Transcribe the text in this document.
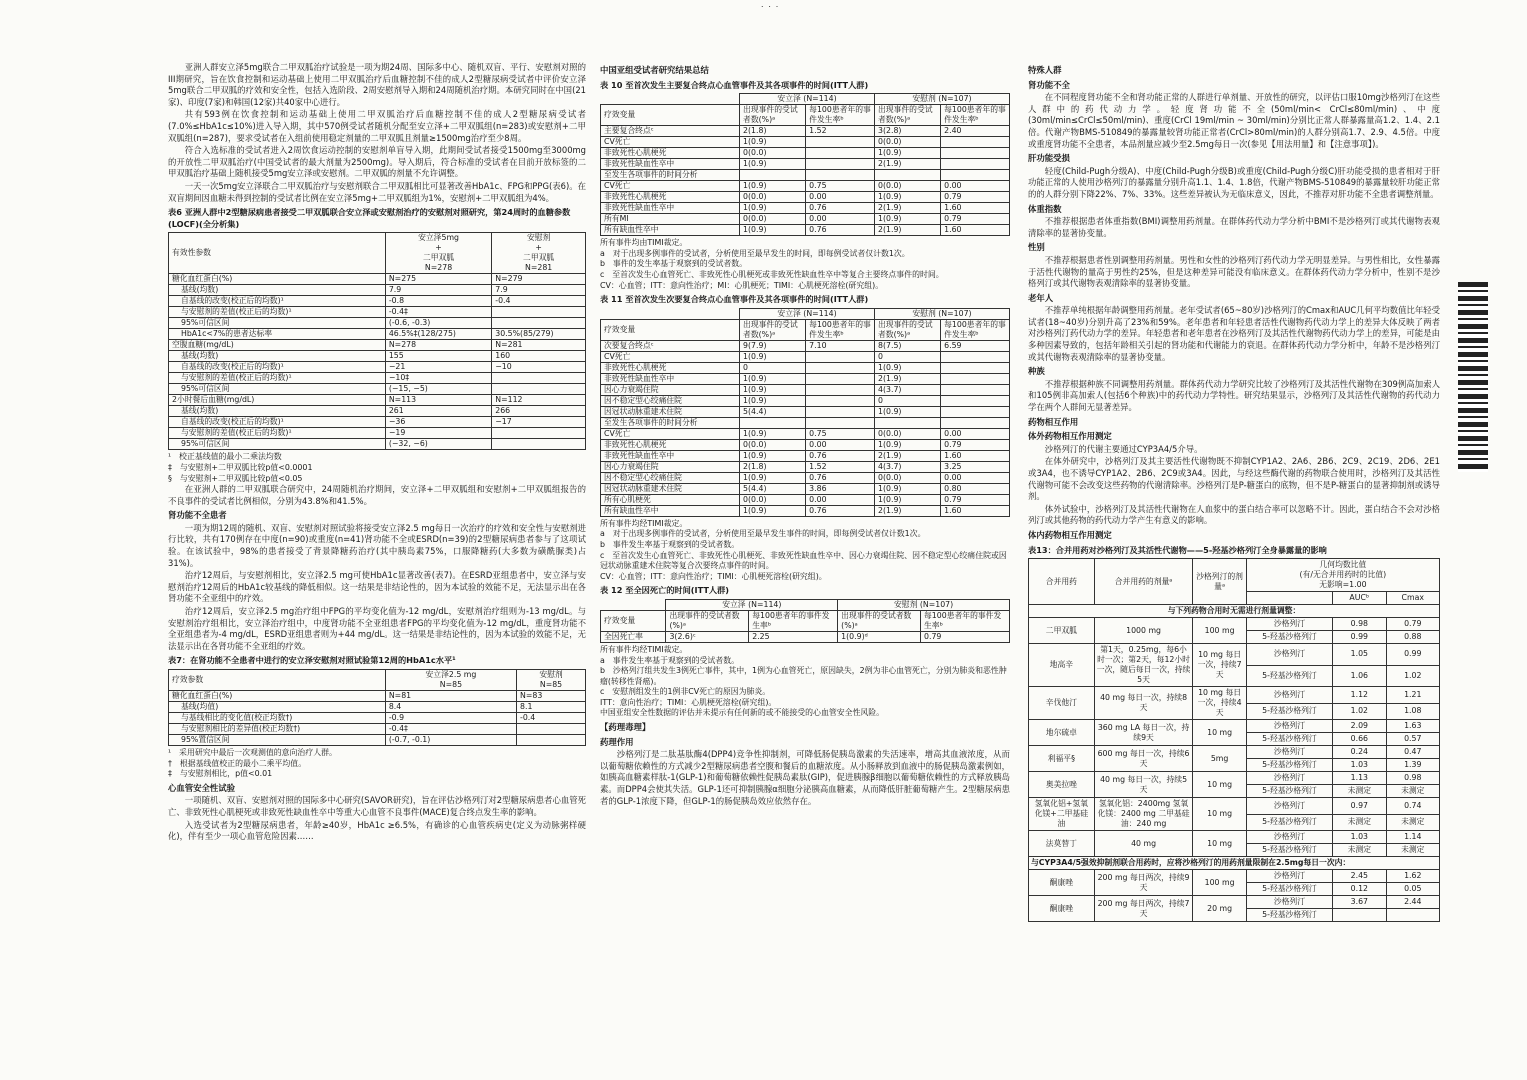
˙ ˙ ˙

亚洲人群安立泽5mg联合二甲双胍治疗试验是一项为期24周、国际多中心、随机双盲、平行、安慰剂对照的III期研究，旨在饮食控制和运动基础上使用二甲双胍治疗后血糖控制不佳的成人2型糖尿病受试者中评价安立泽5mg联合二甲双胍的疗效和安全性，包括入选阶段、2周安慰剂导入期和24周随机治疗期。本研究同时在中国(21家)、印度(7家)和韩国(12家)共40家中心进行。

共有593例在饮食控制和运动基础上使用二甲双胍治疗后血糖控制不佳的成人2型糖尿病受试者(7.0%≤HbA1c≤10%)进入导入期，其中570例受试者随机分配至安立泽+二甲双胍组(n=283)或安慰剂+二甲双胍组(n=287)，要求受试者在入组前使用稳定剂量的二甲双胍且剂量≥1500mg治疗至少8周。

符合入选标准的受试者进入2周饮食运动控制的安慰剂单盲导入期，此期间受试者接受1500mg至3000mg的开放性二甲双胍治疗(中国受试者的最大剂量为2500mg)。导入期后，符合标准的受试者在目前开放标签的二甲双胍治疗基础上随机接受5mg安立泽或安慰剂。二甲双胍的剂量不允许调整。

一天一次5mg安立泽联合二甲双胍治疗与安慰剂联合二甲双胍相比可显著改善HbA1c、FPG和PPG(表6)。在双盲期间因血糖未得到控制的受试者比例在安立泽5mg+二甲双胍组为1%，安慰剂+二甲双胍组为4%。

表6 亚洲人群中2型糖尿病患者接受二甲双胍联合安立泽或安慰剂治疗的安慰剂对照研究，第24周时的血糖参数(LOCF)(全分析集)
有效性参数	安立泽5mg
+
二甲双胍
N=278	安慰剂
+
二甲双胍
N=281
糖化血红蛋白(%)	N=275	N=279
基线(均数)	7.9	7.9
自基线的改变(校正后的均数)¹	-0.8	-0.4
与安慰剂的差值(校正后的均数)¹	-0.4‡	
95%可信区间	(-0.6, -0.3)	
HbA1c<7%的患者达标率	46.5%‡(128/275)	30.5%(85/279)
空腹血糖(mg/dL)	N=278	N=281
基线(均数)	155	160
自基线的改变(校正后的均数)¹	−21	−10
与安慰剂的差值(校正后的均数)¹	−10‡	
95%可信区间	(−15, −5)	
2小时餐后血糖(mg/dL)	N=113	N=112
基线(均数)	261	266
自基线的改变(校正后的均数)¹	−36	−17
与安慰剂的差值(校正后的均数)¹	−19	
95%可信区间	(−32, −6)	
¹　校正基线值的最小二乘法均数
‡　与安慰剂+二甲双胍比较p值<0.0001
§　与安慰剂+二甲双胍比较p值<0.05

在亚洲人群的二甲双胍联合研究中，24周随机治疗期间，安立泽+二甲双胍组和安慰剂+二甲双胍组报告的不良事件的受试者比例相似，分别为43.8%和41.5%。

肾功能不全患者

一项为期12周的随机、双盲、安慰剂对照试验将接受安立泽2.5 mg每日一次治疗的疗效和安全性与安慰剂进行比较，共有170例存在中度(n=90)或重度(n=41)肾功能不全或ESRD(n=39)的2型糖尿病患者参与了这项试验。在该试验中，98%的患者接受了背景降糖药治疗(其中胰岛素75%，口服降糖药(大多数为磺酰脲类)占31%)。

治疗12周后，与安慰剂相比，安立泽2.5 mg可使HbA1c显著改善(表7)。在ESRD亚组患者中，安立泽与安慰剂治疗12周后的HbA1c较基线的降低相似。这一结果是非结论性的，因为本试验的效能不足，无法显示出在各肾功能不全亚组中的疗效。

治疗12周后，安立泽2.5 mg治疗组中FPG的平均变化值为-12 mg/dL，安慰剂治疗组则为-13 mg/dL。与安慰剂治疗组相比，安立泽治疗组中，中度肾功能不全亚组患者FPG的平均变化值为-12 mg/dL，重度肾功能不全亚组患者为-4 mg/dL，ESRD亚组患者则为+44 mg/dL。这一结果是非结论性的，因为本试验的效能不足，无法显示出在各肾功能不全亚组的疗效。

表7：在肾功能不全患者中进行的安立泽安慰剂对照试验第12周的HbA1c水平¹
疗效参数	安立泽2.5 mg
N=85	安慰剂
N=85
糖化血红蛋白(%)	N=81	N=83
基线(均值)	8.4	8.1
与基线相比的变化值(校正均数†)	-0.9	-0.4
与安慰剂相比的差异值(校正均数†)	-0.4‡	
95%置信区间	(-0.7, -0.1)	
¹　采用研究中最后一次观测值的意向治疗人群。
†　根据基线值校正的最小二乘平均值。
‡　与安慰剂相比，p值<0.01
心血管安全性试验

一项随机、双盲、安慰剂对照的国际多中心研究(SAVOR研究)，旨在评估沙格列汀对2型糖尿病患者心血管死亡、非致死性心肌梗死或非致死性缺血性卒中等重大心血管不良事件(MACE)复合终点发生率的影响。

入选受试者为2型糖尿病患者，年龄≥40岁，HbA1c ≥6.5%，有确诊的心血管疾病史(定义为动脉粥样硬化)，伴有至少一项心血管危险因素……

中国亚组受试者研究结果总结
表 10 至首次发生主要复合终点心血管事件及其各项事件的时间(ITT人群)
	安立泽 (N=114)		安慰剂 (N=107)	
疗效变量	出现事件的受试者数(%)ᵃ	每100患者年的事件发生率ᵇ	出现事件的受试者数(%)ᵃ	每100患者年的事件发生率ᵇ
主要复合终点ᶜ	2(1.8)	1.52	3(2.8)	2.40
CV死亡	1(0.9)		0(0.0)	
非致死性心肌梗死	0(0.0)		1(0.9)	
非致死性缺血性卒中	1(0.9)		2(1.9)	
至发生各项事件的时间分析				
CV死亡	1(0.9)	0.75	0(0.0)	0.00
非致死性心肌梗死	0(0.0)	0.00	1(0.9)	0.79
非致死性缺血性卒中	1(0.9)	0.76	2(1.9)	1.60
所有MI	0(0.0)	0.00	1(0.9)	0.79
所有缺血性卒中	1(0.9)	0.76	2(1.9)	1.60
所有事件均由TIMI裁定。
a　对于出现多例事件的受试者，分析使用至最早发生的时间，即每例受试者仅计数1次。
b　事件的发生率基于观察到的受试者数。
c　至首次发生心血管死亡、非致死性心肌梗死或非致死性缺血性卒中等复合主要终点事件的时间。
CV：心血管；ITT：意向性治疗；MI：心肌梗死；TIMI：心肌梗死溶栓(研究组)。
表 11 至首次发生次要复合终点心血管事件及其各项事件的时间(ITT人群)
	安立泽 (N=114)		安慰剂 (N=107)	
疗效变量	出现事件的受试者数(%)ᵃ	每100患者年的事件发生率ᵇ	出现事件的受试者数(%)ᵃ	每100患者年的事件发生率ᵇ
次要复合终点ᶜ	9(7.9)	7.10	8(7.5)	6.59
CV死亡	1(0.9)		0	
非致死性心肌梗死	0		1(0.9)	
非致死性缺血性卒中	1(0.9)		2(1.9)	
因心力衰竭住院	1(0.9)		4(3.7)	
因不稳定型心绞痛住院	1(0.9)		0	
因冠状动脉重建术住院	5(4.4)		1(0.9)	
至发生各项事件的时间分析				
CV死亡	1(0.9)	0.75	0(0.0)	0.00
非致死性心肌梗死	0(0.0)	0.00	1(0.9)	0.79
非致死性缺血性卒中	1(0.9)	0.76	2(1.9)	1.60
因心力衰竭住院	2(1.8)	1.52	4(3.7)	3.25
因不稳定型心绞痛住院	1(0.9)	0.76	0(0.0)	0.00
因冠状动脉重建术住院	5(4.4)	3.86	1(0.9)	0.80
所有心肌梗死	0(0.0)	0.00	1(0.9)	0.79
所有缺血性卒中	1(0.9)	0.76	2(1.9)	1.60
所有事件均经TIMI裁定。
a　对于出现多例事件的受试者，分析使用至最早发生事件的时间，即每例受试者仅计数1次。
b　事件发生率基于观察到的受试者数。
c　至首次发生心血管死亡、非致死性心肌梗死、非致死性缺血性卒中、因心力衰竭住院、因不稳定型心绞痛住院或因冠状动脉重建术住院等复合次要终点事件的时间。
CV：心血管；ITT：意向性治疗；TIMI：心肌梗死溶栓(研究组)。
表 12 至全因死亡的时间(ITT人群)
	安立泽 (N=114)		安慰剂 (N=107)	
疗效变量	出现事件的受试者数(%)ᵃ	每100患者年的事件发生率ᵇ	出现事件的受试者数(%)ᵃ	每100患者年的事件发生率ᵇ
全因死亡率	3(2.6)ᶜ	2.25	1(0.9)ᵈ	0.79
所有事件均经TIMI裁定。
a　事件发生率基于观察到的受试者数。
b　沙格列汀组共发生3例死亡事件，其中，1例为心血管死亡，原因缺失，2例为非心血管死亡，分别为肺炎和恶性肿瘤(转移性肾癌)。
c　安慰剂组发生的1例非CV死亡的原因为肺炎。
ITT：意向性治疗；TIMI：心肌梗死溶栓(研究组)。
中国亚组安全性数据的评估并未提示有任何新的或不能接受的心血管安全性风险。
【药理毒理】
药理作用

沙格列汀是二肽基肽酶4(DPP4)竞争性抑制剂，可降低肠促胰岛激素的失活速率，增高其血液浓度，从而以葡萄糖依赖性的方式减少2型糖尿病患者空腹和餐后的血糖浓度。从小肠释放到血液中的肠促胰岛激素例如，如胰高血糖素样肽-1(GLP-1)和葡萄糖依赖性促胰岛素肽(GIP)，促进胰腺β细胞以葡萄糖依赖性的方式释放胰岛素。而DPP4会使其失活。GLP-1还可抑制胰腺α细胞分泌胰高血糖素，从而降低肝脏葡萄糖产生。2型糖尿病患者的GLP-1浓度下降，但GLP-1的肠促胰岛效应依然存在。

特殊人群
肾功能不全

在不同程度肾功能不全和肾功能正常的人群进行单剂量、开放性的研究，以评估口服10mg沙格列汀在这些人群中的药代动力学。轻度肾功能不全(50ml/min< CrCl≤80ml/min)、中度(30ml/min≤CrCl≤50ml/min)、重度(CrCl 19ml/min ~ 30ml/min)分别比正常人群暴露量高1.2、1.4、2.1倍。代谢产物BMS-510849的暴露量较肾功能正常者(CrCl>80ml/min)的人群分别高1.7、2.9、4.5倍。中度或重度肾功能不全患者，本品剂量应减少至2.5mg每日一次(参见【用法用量】和【注意事项】)。

肝功能受损

轻度(Child-Pugh分级A)、中度(Child-Pugh分级B)或重度(Child-Pugh分级C)肝功能受损的患者相对于肝功能正常的人使用沙格列汀的暴露量分别升高1.1、1.4、1.8倍，代谢产物BMS-510849的暴露量较肝功能正常的的人群分别下降22%、7%、33%。这些差异被认为无临床意义，因此，不推荐对肝功能不全患者调整剂量。

体重指数

不推荐根据患者体重指数(BMI)调整用药剂量。在群体药代动力学分析中BMI不是沙格列汀或其代谢物表观清除率的显著协变量。

性别

不推荐根据患者性别调整用药剂量。男性和女性的沙格列汀药代动力学无明显差异。与男性相比，女性暴露于活性代谢物的量高于男性约25%，但是这种差异可能没有临床意义。在群体药代动力学分析中，性别不是沙格列汀或其代谢物表观清除率的显著协变量。

老年人

不推荐单纯根据年龄调整用药剂量。老年受试者(65~80岁)沙格列汀的Cmax和AUC几何平均数值比年轻受试者(18~40岁)分别升高了23%和59%。老年患者和年轻患者活性代谢物药代动力学上的差异大体反映了两者对沙格列汀药代动力学的差异。年轻患者和老年患者在沙格列汀及其活性代谢物药代动力学上的差异，可能是由多种因素导致的，包括年龄相关引起的肾功能和代谢能力的衰退。在群体药代动力学分析中，年龄不是沙格列汀或其代谢物表观清除率的显著协变量。

种族

不推荐根据种族不同调整用药剂量。群体药代动力学研究比较了沙格列汀及其活性代谢物在309例高加索人和105例非高加索人(包括6个种族)中的药代动力学特性。研究结果显示，沙格列汀及其活性代谢物的药代动力学在两个人群间无显著差异。

药物相互作用
体外药物相互作用测定

沙格列汀的代谢主要通过CYP3A4/5介导。

在体外研究中，沙格列汀及其主要活性代谢物既不抑制CYP1A2、2A6、2B6、2C9、2C19、2D6、2E1或3A4，也不诱导CYP1A2、2B6、2C9或3A4。因此，与经这些酶代谢的药物联合使用时，沙格列汀及其活性代谢物可能不会改变这些药物的代谢清除率。沙格列汀是P-糖蛋白的底物，但不是P-糖蛋白的显著抑制剂或诱导剂。

体外试验中，沙格列汀及其活性代谢物在人血浆中的蛋白结合率可以忽略不计。因此，蛋白结合不会对沙格列汀或其他药物的药代动力学产生有意义的影响。

体内药物相互作用测定
表13：合并用药对沙格列汀及其活性代谢物——5-羟基沙格列汀全身暴露量的影响
合并用药	合并用药的剂量ᵃ	沙格列汀的剂量ᵃ	几何均数比值
(有/无合并用药时的比值)
无影响=1.00		
				AUCᵇ	Cmax
与下列药物合用时无需进行剂量调整：					
二甲双胍	1000 mg	100 mg	沙格列汀	0.98	0.79
			5-羟基沙格列汀	0.99	0.88
地高辛	第1天，0.25mg，每6小时一次；第2天，每12小时一次，随后每日一次，持续5天	10 mg 每日一次，持续7天	沙格列汀	1.05	0.99
			5-羟基沙格列汀	1.06	1.02
辛伐他汀	40 mg 每日一次，持续8天	10 mg 每日一次，持续4天	沙格列汀	1.12	1.21
			5-羟基沙格列汀	1.02	1.08
地尔硫卓	360 mg LA 每日一次，持续9天	10 mg	沙格列汀	2.09	1.63
			5-羟基沙格列汀	0.66	0.57
利福平§	600 mg 每日一次，持续6天	5mg	沙格列汀	0.24	0.47
			5-羟基沙格列汀	1.03	1.39
奥美拉唑	40 mg 每日一次，持续5天	10 mg	沙格列汀	1.13	0.98
			5-羟基沙格列汀	未测定	未测定
氢氧化铝+氢氧化镁+二甲基硅油	氢氧化铝：2400mg 氢氧化镁：2400 mg 二甲基硅油：240 mg	10 mg	沙格列汀	0.97	0.74
			5-羟基沙格列汀	未测定	未测定
法莫替丁	40 mg	10 mg	沙格列汀	1.03	1.14
			5-羟基沙格列汀	未测定	未测定
与CYP3A4/5强效抑制剂联合用药时，应将沙格列汀的用药剂量限制在2.5mg每日一次内：					
酮康唑	200 mg 每日两次，持续9天	100 mg	沙格列汀	2.45	1.62
			5-羟基沙格列汀	0.12	0.05
酮康唑	200 mg 每日两次，持续7天	20 mg	沙格列汀	3.67	2.44
			5-羟基沙格列汀		
